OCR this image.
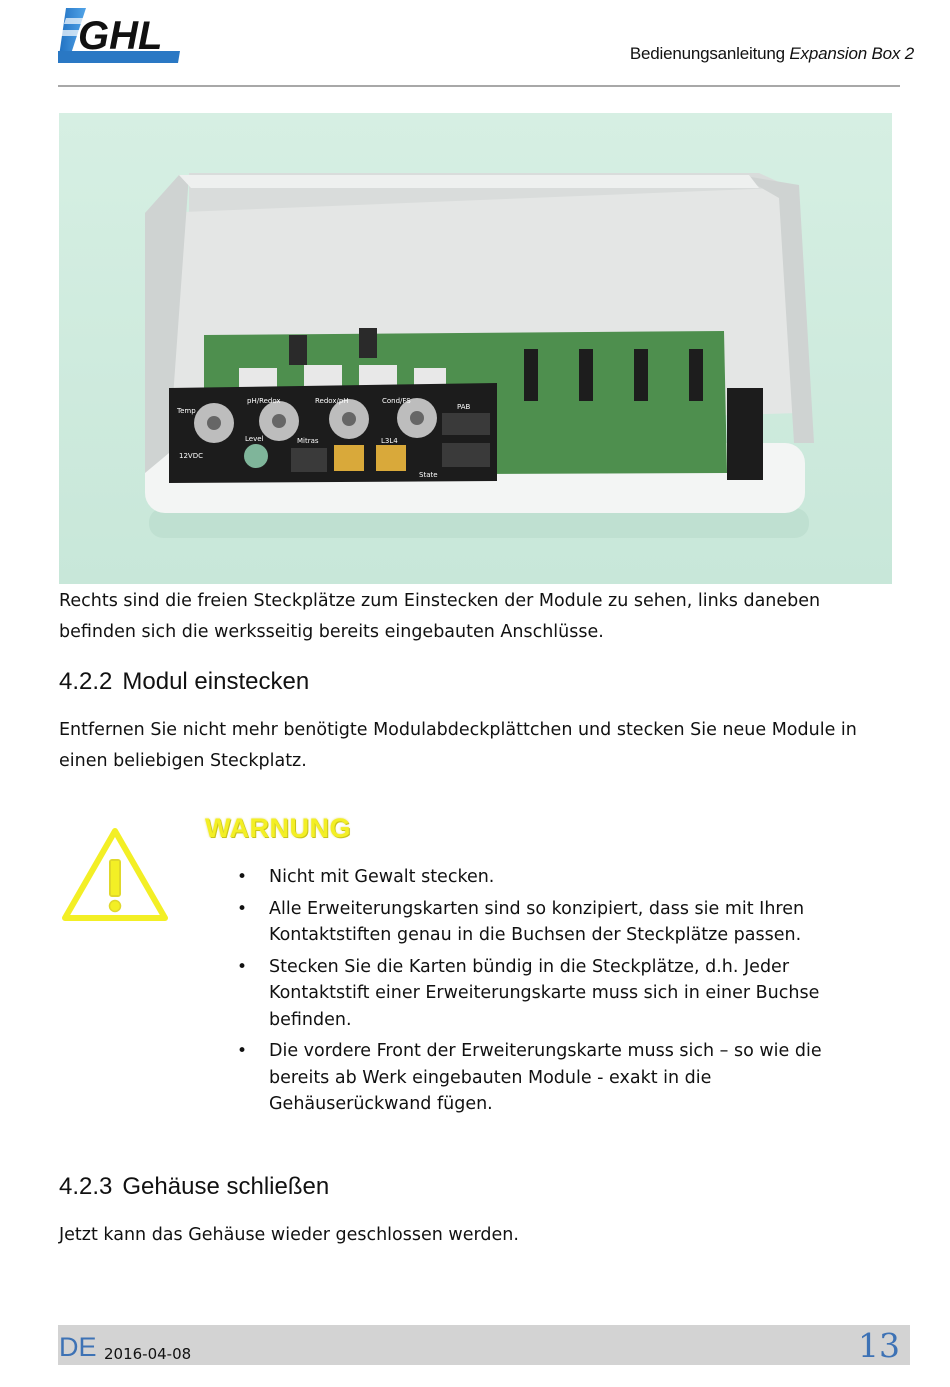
GHL	Bedienungsanleitung Expansion Box 2
Temp
12VDC
pH/Redox
Level
Redox/pH
Mitras
Cond/FS
L3L4
PAB
State

Rechts sind die freien Steckplätze zum Einstecken der Module zu sehen, links daneben befinden sich die werksseitig bereits eingebauten Anschlüsse.

4.2.2 Modul einstecken

Entfernen Sie nicht mehr benötigte Modulabdeckplättchen und stecken Sie neue Module in einen beliebigen Steckplatz.

WARNUNG
• Nicht mit Gewalt stecken.
• Alle Erweiterungskarten sind so konzipiert, dass sie mit Ihren Kontaktstiften genau in die Buchsen der Steckplätze passen.
• Stecken Sie die Karten bündig in die Steckplätze, d.h. Jeder Kontaktstift einer Erweiterungskarte muss sich in einer Buchse befinden.
• Die vordere Front der Erweiterungskarte muss sich – so wie die bereits ab Werk eingebauten Module - exakt in die Gehäuserückwand fügen.
4.2.3 Gehäuse schließen

Jetzt kann das Gehäuse wieder geschlossen werden.

DE 2016-04-08	13
